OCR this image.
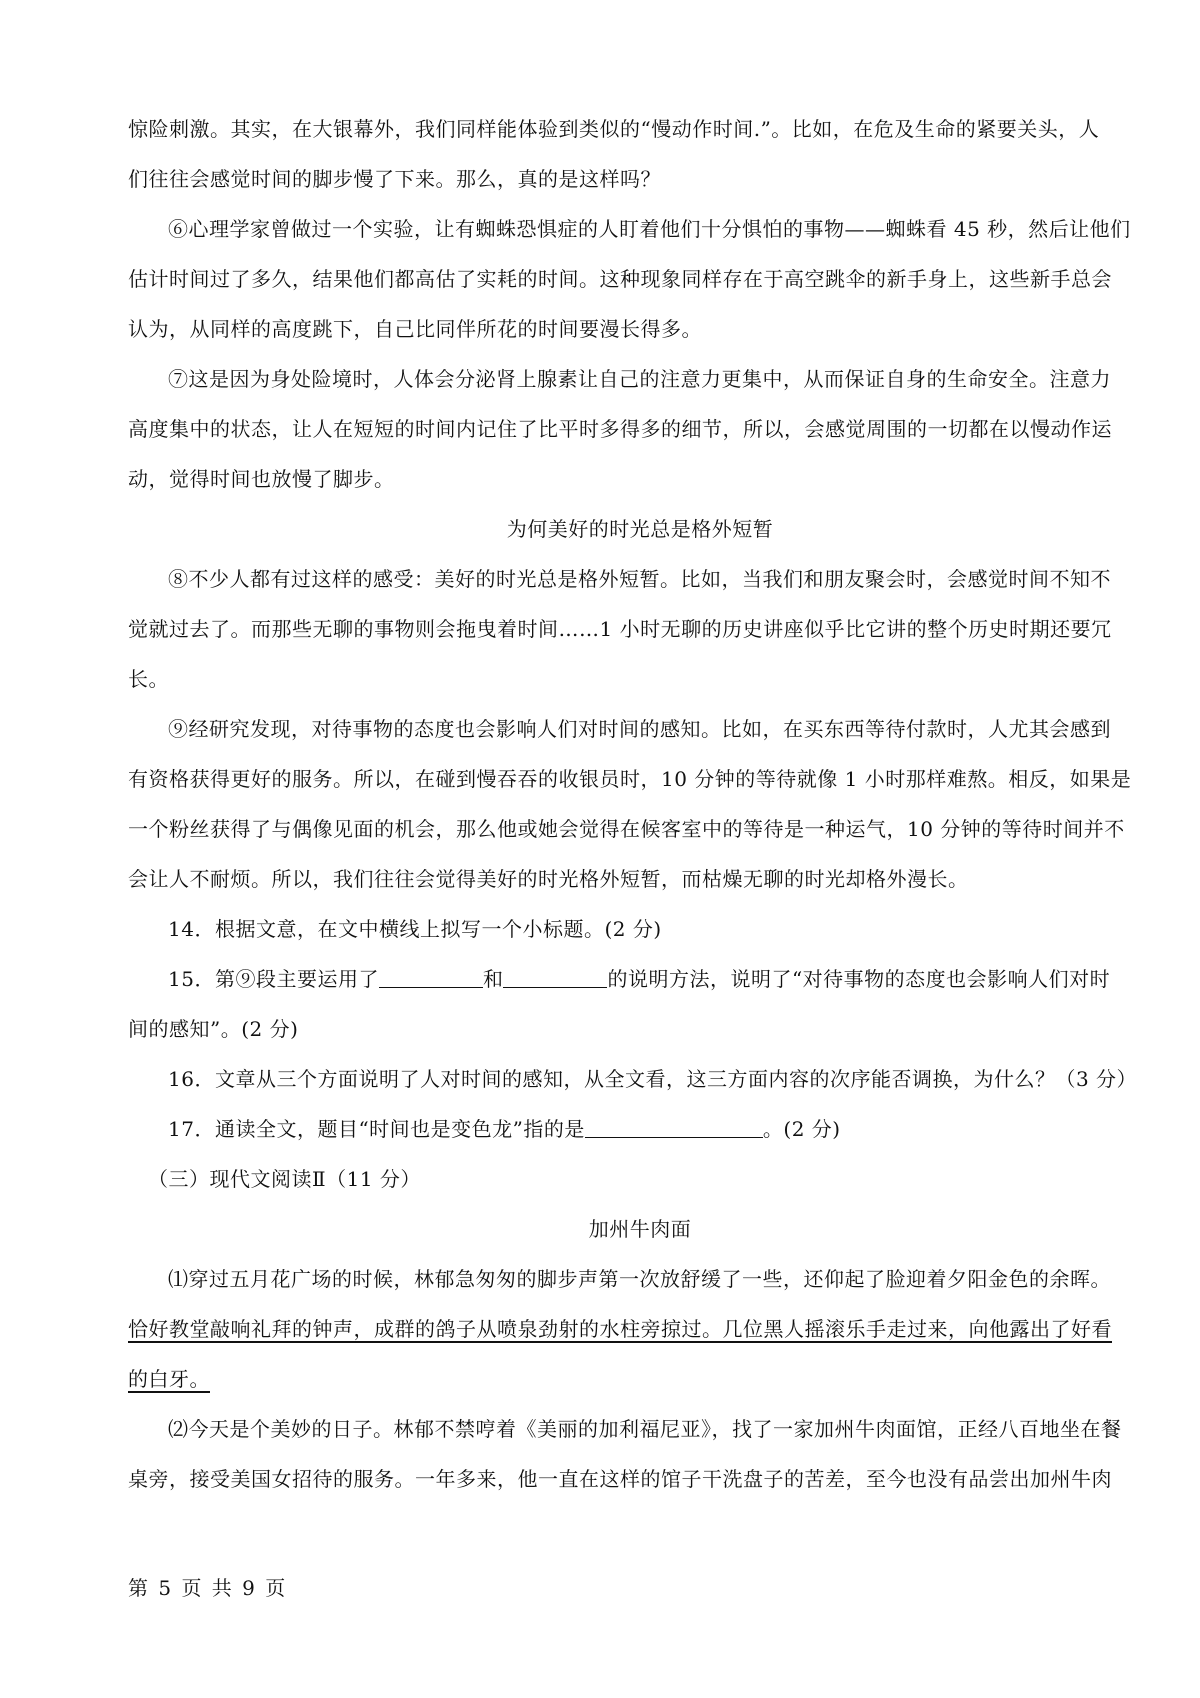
惊险刺激。其实，在大银幕外，我们同样能体验到类似的“慢动作时间.”。比如，在危及生命的紧要关头，人
们往往会感觉时间的脚步慢了下来。那么，真的是这样吗？
⑥心理学家曾做过一个实验，让有蜘蛛恐惧症的人盯着他们十分惧怕的事物——蜘蛛看 45 秒，然后让他们
估计时间过了多久，结果他们都高估了实耗的时间。这种现象同样存在于高空跳伞的新手身上，这些新手总会
认为，从同样的高度跳下，自己比同伴所花的时间要漫长得多。
⑦这是因为身处险境时，人体会分泌肾上腺素让自己的注意力更集中，从而保证自身的生命安全。注意力
高度集中的状态，让人在短短的时间内记住了比平时多得多的细节，所以，会感觉周围的一切都在以慢动作运
动，觉得时间也放慢了脚步。
为何美好的时光总是格外短暂
⑧不少人都有过这样的感受：美好的时光总是格外短暂。比如，当我们和朋友聚会时，会感觉时间不知不
觉就过去了。而那些无聊的事物则会拖曳着时间……1 小时无聊的历史讲座似乎比它讲的整个历史时期还要冗
长。
⑨经研究发现，对待事物的态度也会影响人们对时间的感知。比如，在买东西等待付款时，人尤其会感到
有资格获得更好的服务。所以，在碰到慢吞吞的收银员时，10 分钟的等待就像 1 小时那样难熬。相反，如果是
一个粉丝获得了与偶像见面的机会，那么他或她会觉得在候客室中的等待是一种运气，10 分钟的等待时间并不
会让人不耐烦。所以，我们往往会觉得美好的时光格外短暂，而枯燥无聊的时光却格外漫长。
14．根据文意，在文中横线上拟写一个小标题。(2 分)
15．第⑨段主要运用了	和	的说明方法，说明了“对待事物的态度也会影响人们对时
间的感知”。(2 分)
16．文章从三个方面说明了人对时间的感知，从全文看，这三方面内容的次序能否调换，为什么？（3 分）
17．通读全文，题目“时间也是变色龙”指的是	。(2 分)
（三）现代文阅读Ⅱ（11 分）
加州牛肉面
⑴穿过五月花广场的时候，林郁急匆匆的脚步声第一次放舒缓了一些，还仰起了脸迎着夕阳金色的余晖。
恰好教堂敲响礼拜的钟声，成群的鸽子从喷泉劲射的水柱旁掠过。几位黑人摇滚乐手走过来，向他露出了好看
的白牙。
⑵今天是个美妙的日子。林郁不禁哼着《美丽的加利福尼亚》，找了一家加州牛肉面馆，正经八百地坐在餐
桌旁，接受美国女招待的服务。一年多来，他一直在这样的馆子干洗盘子的苦差，至今也没有品尝出加州牛肉
第 5 页 共 9 页
